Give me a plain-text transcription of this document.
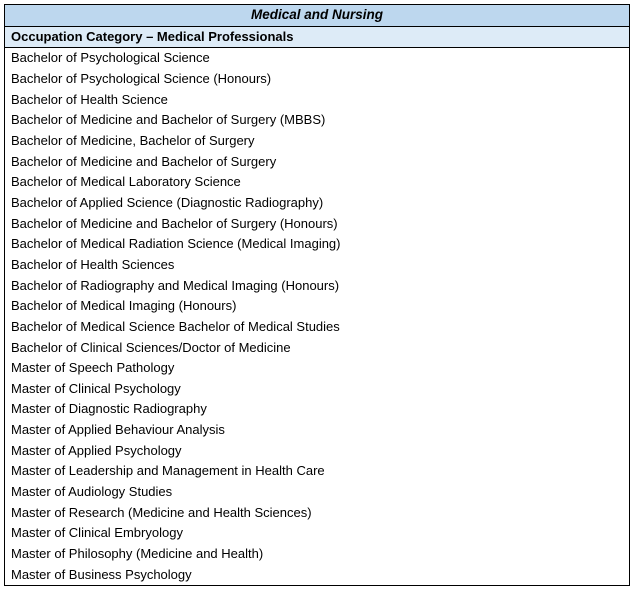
Medical and Nursing
Occupation Category – Medical Professionals
Bachelor of Psychological Science
Bachelor of Psychological Science (Honours)
Bachelor of Health Science
Bachelor of Medicine and Bachelor of Surgery (MBBS)
Bachelor of Medicine, Bachelor of Surgery
Bachelor of Medicine and Bachelor of Surgery
Bachelor of Medical Laboratory Science
Bachelor of Applied Science (Diagnostic Radiography)
Bachelor of Medicine and Bachelor of Surgery (Honours)
Bachelor of Medical Radiation Science (Medical Imaging)
Bachelor of Health Sciences
Bachelor of Radiography and Medical Imaging (Honours)
Bachelor of Medical Imaging (Honours)
Bachelor of Medical Science Bachelor of Medical Studies
Bachelor of Clinical Sciences/Doctor of Medicine
Master of Speech Pathology
Master of Clinical Psychology
Master of Diagnostic Radiography
Master of Applied Behaviour Analysis
Master of Applied Psychology
Master of Leadership and Management in Health Care
Master of Audiology Studies
Master of Research (Medicine and Health Sciences)
Master of Clinical Embryology
Master of Philosophy (Medicine and Health)
Master of Business Psychology
